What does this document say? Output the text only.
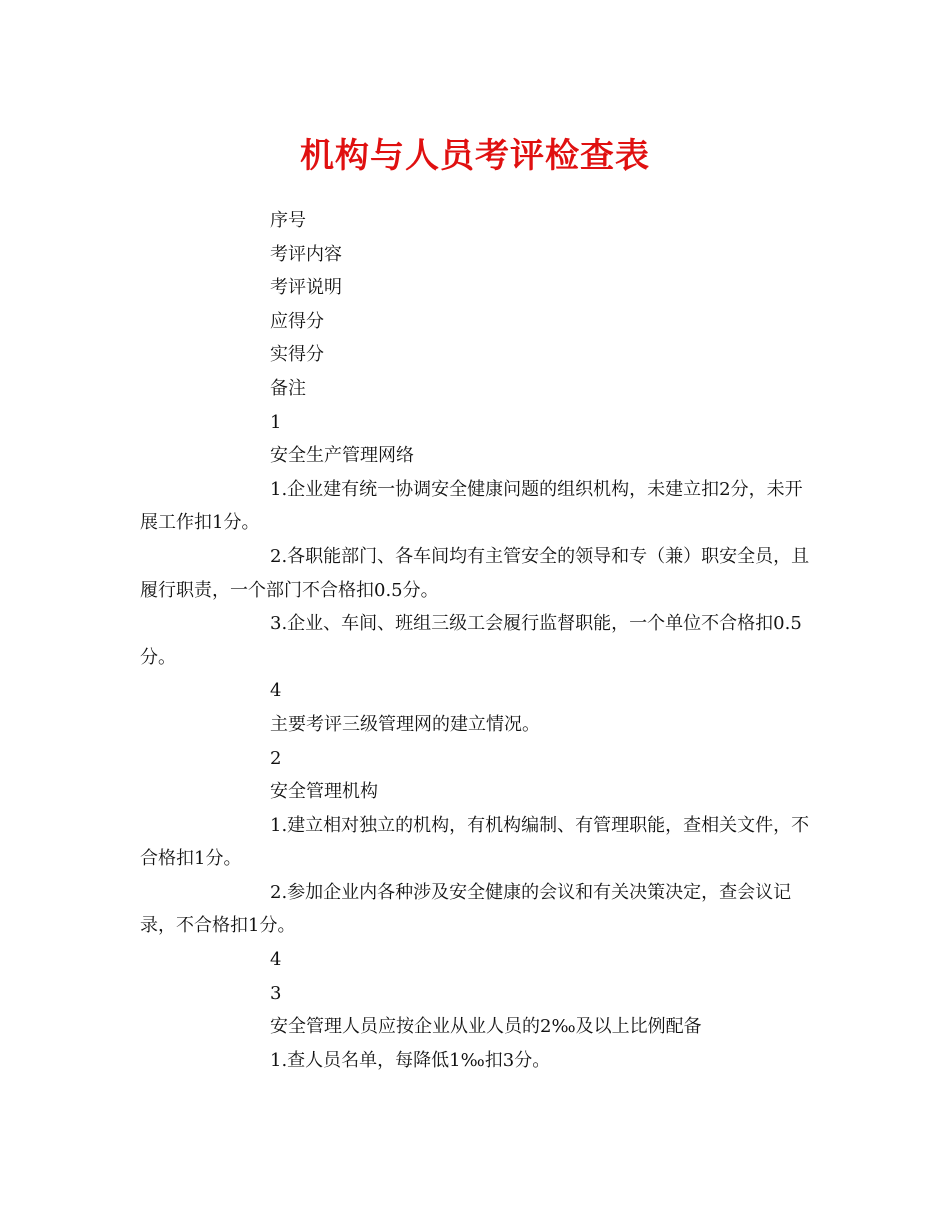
机构与人员考评检查表

序号

考评内容

考评说明

应得分

实得分

备注

1

安全生产管理网络

1.企业建有统一协调安全健康问题的组织机构，未建立扣2分，未开展工作扣1分。

2.各职能部门、各车间均有主管安全的领导和专（兼）职安全员，且履行职责，一个部门不合格扣0.5分。

3.企业、车间、班组三级工会履行监督职能，一个单位不合格扣0.5分。

4

主要考评三级管理网的建立情况。

2

安全管理机构

1.建立相对独立的机构，有机构编制、有管理职能，查相关文件，不合格扣1分。

2.参加企业内各种涉及安全健康的会议和有关决策决定，查会议记录，不合格扣1分。

4

3

安全管理人员应按企业从业人员的2‰及以上比例配备

1.查人员名单，每降低1‰扣3分。
